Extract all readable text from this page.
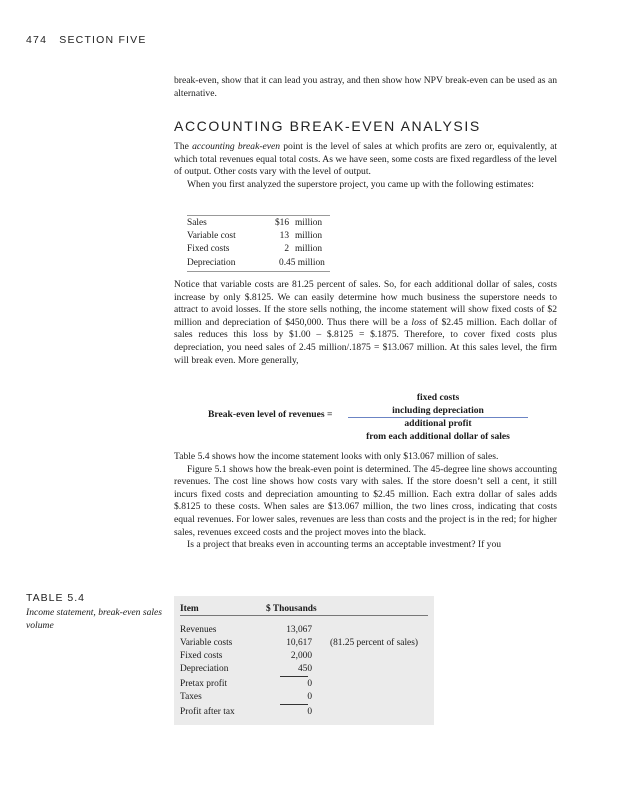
474 SECTION FIVE
break-even, show that it can lead you astray, and then show how NPV break-even can be used as an alternative.
ACCOUNTING BREAK-EVEN ANALYSIS
The accounting break-even point is the level of sales at which profits are zero or, equivalently, at which total revenues equal total costs. As we have seen, some costs are fixed regardless of the level of output. Other costs vary with the level of output.
When you first analyzed the superstore project, you came up with the following estimates:
Sales	$16 million
Variable cost	13 million
Fixed costs	2 million
Depreciation	0.45 million
Notice that variable costs are 81.25 percent of sales. So, for each additional dollar of sales, costs increase by only $.8125. We can easily determine how much business the superstore needs to attract to avoid losses. If the store sells nothing, the income statement will show fixed costs of $2 million and depreciation of $450,000. Thus there will be a loss of $2.45 million. Each dollar of sales reduces this loss by $1.00 – $.8125 = $.1875. Therefore, to cover fixed costs plus depreciation, you need sales of 2.45 million/.1875 = $13.067 million. At this sales level, the firm will break even. More generally,
Break-even level of revenues =
fixed costs
including depreciation
additional profit
from each additional dollar of sales
Table 5.4 shows how the income statement looks with only $13.067 million of sales.
Figure 5.1 shows how the break-even point is determined. The 45-degree line shows accounting revenues. The cost line shows how costs vary with sales. If the store doesn’t sell a cent, it still incurs fixed costs and depreciation amounting to $2.45 million. Each extra dollar of sales adds $.8125 to these costs. When sales are $13.067 million, the two lines cross, indicating that costs equal revenues. For lower sales, revenues are less than costs and the project is in the red; for higher sales, revenues exceed costs and the project moves into the black.
Is a project that breaks even in accounting terms an acceptable investment? If you
TABLE 5.4
Income statement, break-even sales volume
Item	$ Thousands
Revenues	13,067
Variable costs	10,617 (81.25 percent of sales)
Fixed costs	2,000
Depreciation	450
Pretax profit	0
Taxes	0
Profit after tax	0
